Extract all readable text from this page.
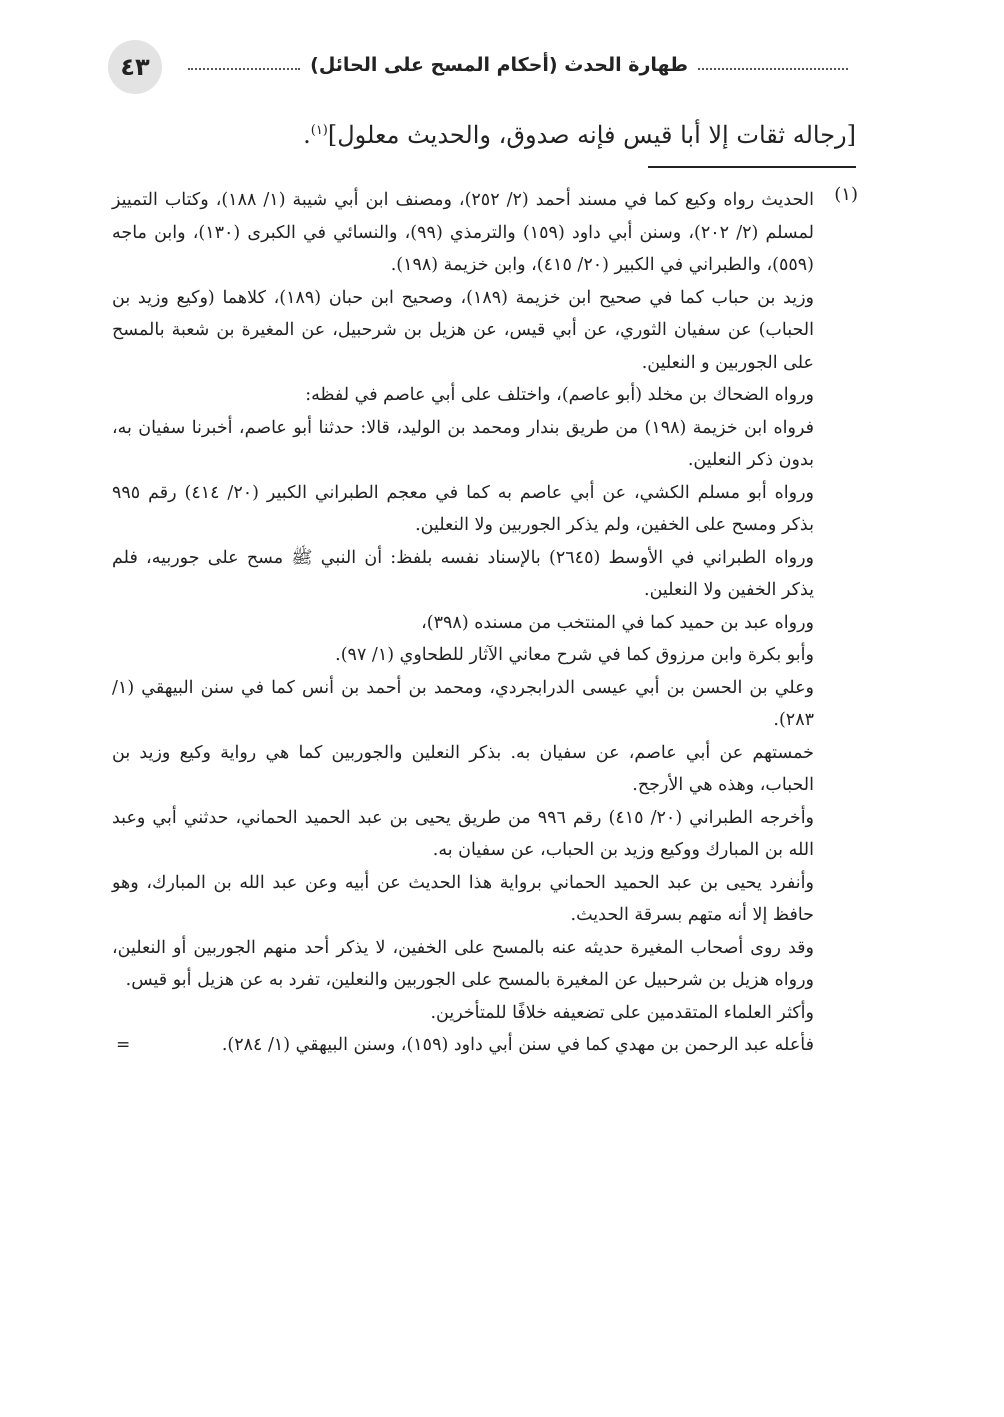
٤٣	طهارة الحدث (أحكام المسح على الحائل)
[رجاله ثقات إلا أبا قيس فإنه صدوق، والحديث معلول]$^{(١)}$.
(١)

الحديث رواه وكيع كما في مسند أحمد (٢/ ٢٥٢)، ومصنف ابن أبي شيبة (١/ ١٨٨)، وكتاب التمييز لمسلم (٢/ ٢٠٢)، وسنن أبي داود (١٥٩) والترمذي (٩٩)، والنسائي في الكبرى (١٣٠)، وابن ماجه (٥٥٩)، والطبراني في الكبير (٢٠/ ٤١٥)، وابن خزيمة (١٩٨).

وزيد بن حباب كما في صحيح ابن خزيمة (١٨٩)، وصحيح ابن حبان (١٨٩)، كلاهما (وكيع وزيد بن الحباب) عن سفيان الثوري، عن أبي قيس، عن هزيل بن شرحبيل، عن المغيرة بن شعبة بالمسح على الجوربين و النعلين.

ورواه الضحاك بن مخلد (أبو عاصم)، واختلف على أبي عاصم في لفظه:

فرواه ابن خزيمة (١٩٨) من طريق بندار ومحمد بن الوليد، قالا: حدثنا أبو عاصم، أخبرنا سفيان به، بدون ذكر النعلين.

ورواه أبو مسلم الكشي، عن أبي عاصم به كما في معجم الطبراني الكبير (٢٠/ ٤١٤) رقم ٩٩٥ بذكر ومسح على الخفين، ولم يذكر الجوربين ولا النعلين.

ورواه الطبراني في الأوسط (٢٦٤٥) بالإسناد نفسه بلفظ: أن النبي ﷺ مسح على جوربيه، فلم يذكر الخفين ولا النعلين.

ورواه عبد بن حميد كما في المنتخب من مسنده (٣٩٨)،

وأبو بكرة وابن مرزوق كما في شرح معاني الآثار للطحاوي (١/ ٩٧).

وعلي بن الحسن بن أبي عيسى الدرابجردي، ومحمد بن أحمد بن أنس كما في سنن البيهقي (١/ ٢٨٣).

خمستهم عن أبي عاصم، عن سفيان به. بذكر النعلين والجوربين كما هي رواية وكيع وزيد بن الحباب، وهذه هي الأرجح.

وأخرجه الطبراني (٢٠/ ٤١٥) رقم ٩٩٦ من طريق يحيى بن عبد الحميد الحماني، حدثني أبي وعبد الله بن المبارك ووكيع وزيد بن الحباب، عن سفيان به.

وأنفرد يحيى بن عبد الحميد الحماني برواية هذا الحديث عن أبيه وعن عبد الله بن المبارك، وهو حافظ إلا أنه متهم بسرقة الحديث.

وقد روى أصحاب المغيرة حديثه عنه بالمسح على الخفين، لا يذكر أحد منهم الجوربين أو النعلين، ورواه هزيل بن شرحبيل عن المغيرة بالمسح على الجوربين والنعلين، تفرد به عن هزيل أبو قيس.

وأكثر العلماء المتقدمين على تضعيفه خلافًا للمتأخرين.

فأعله عبد الرحمن بن مهدي كما في سنن أبي داود (١٥٩)، وسنن البيهقي (١/ ٢٨٤).
=
